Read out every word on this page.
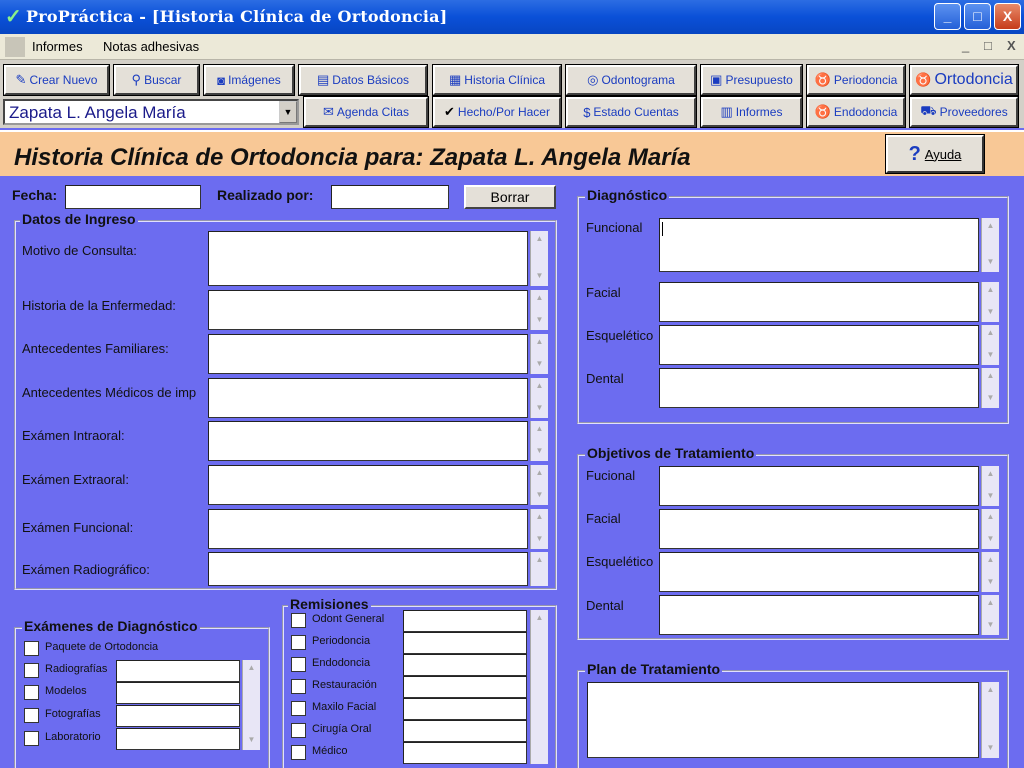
✓ ProPráctica - [Historia Clínica de Ortodoncia]	_	□	X
Informes Notas adhesivas	_ □ X
✎ Crear Nuevo	⚲ Buscar	◙ Imágenes	▤ Datos Básicos	▦ Historia Clínica	◎ Odontograma	▣ Presupuesto ♉ Periodoncia ♉ Ortodoncia
Zapata L. Angela María	▼	✉ Agenda Citas	✔ Hecho/Por Hacer	$ Estado Cuentas	▥ Informes ♉ Endodoncia ⛟ Proveedores
Historia Clínica de Ortodoncia para: Zapata L. Angela María	? Ayuda
Fecha:	Realizado por:	Borrar
Datos de Ingreso
Motivo de Consulta:
▲
▼
Historia de la Enfermedad:
▲
▼
Antecedentes Familiares:	▲
▼
Antecedentes Médicos de imp	▲
▼
Exámen Intraoral:	▲
▼
Exámen Extraoral:	▲
▼
Exámen Funcional:
▲
▼
Exámen Radiográfico:
▲
Diagnóstico
Funcional	▲
▼
Facial	▲
▼
Esquelético	▲
▼
Dental	▲
▼
Objetivos de Tratamiento
Fucional	▲
▼
Facial	▲
▼
Esquelético	▲
▼
Dental	▲
▼
Plan de Tratamiento
▲
▼
Exámenes de Diagnóstico
Paquete de Ortodoncia
Radiografías
Modelos
Fotografías
Laboratorio
▲
▼
Remisiones
Odont General
Periodoncia
Endodoncia
Restauración
Maxilo Facial
Cirugía Oral
Médico
▲
